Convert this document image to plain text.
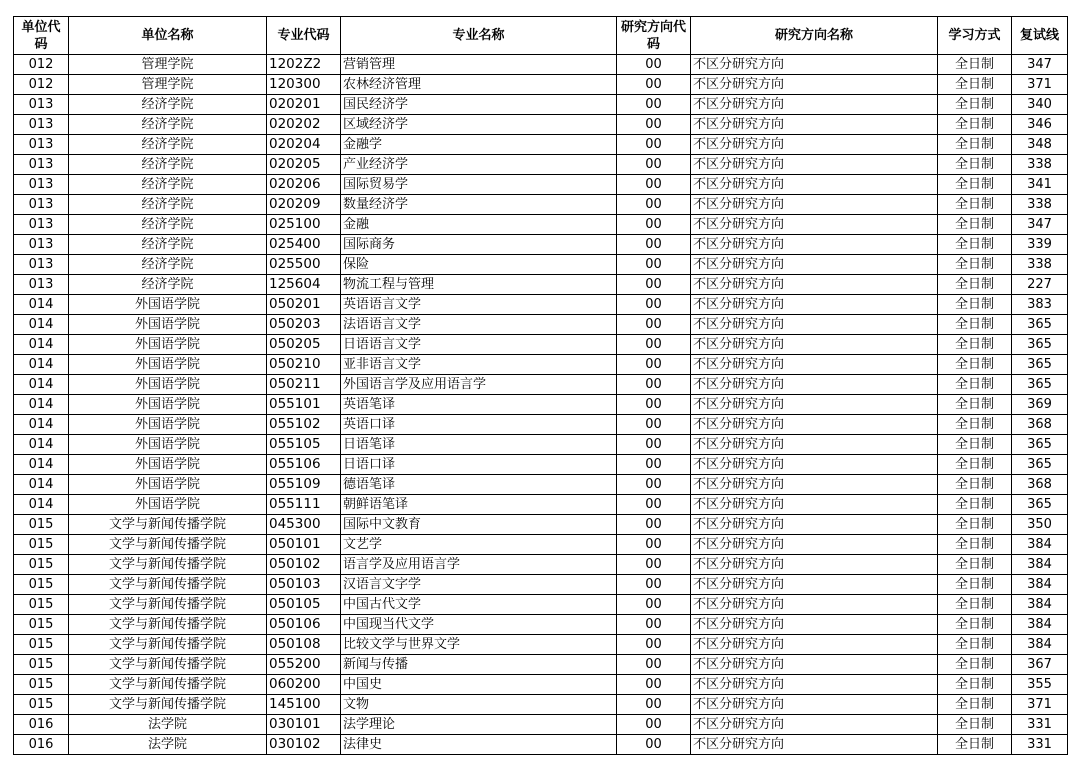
单位代码	单位名称	专业代码	专业名称	研究方向代码	研究方向名称	学习方式	复试线
012	管理学院	1202Z2	营销管理	00	不区分研究方向	全日制	347
012	管理学院	120300	农林经济管理	00	不区分研究方向	全日制	371
013	经济学院	020201	国民经济学	00	不区分研究方向	全日制	340
013	经济学院	020202	区域经济学	00	不区分研究方向	全日制	346
013	经济学院	020204	金融学	00	不区分研究方向	全日制	348
013	经济学院	020205	产业经济学	00	不区分研究方向	全日制	338
013	经济学院	020206	国际贸易学	00	不区分研究方向	全日制	341
013	经济学院	020209	数量经济学	00	不区分研究方向	全日制	338
013	经济学院	025100	金融	00	不区分研究方向	全日制	347
013	经济学院	025400	国际商务	00	不区分研究方向	全日制	339
013	经济学院	025500	保险	00	不区分研究方向	全日制	338
013	经济学院	125604	物流工程与管理	00	不区分研究方向	全日制	227
014	外国语学院	050201	英语语言文学	00	不区分研究方向	全日制	383
014	外国语学院	050203	法语语言文学	00	不区分研究方向	全日制	365
014	外国语学院	050205	日语语言文学	00	不区分研究方向	全日制	365
014	外国语学院	050210	亚非语言文学	00	不区分研究方向	全日制	365
014	外国语学院	050211	外国语言学及应用语言学	00	不区分研究方向	全日制	365
014	外国语学院	055101	英语笔译	00	不区分研究方向	全日制	369
014	外国语学院	055102	英语口译	00	不区分研究方向	全日制	368
014	外国语学院	055105	日语笔译	00	不区分研究方向	全日制	365
014	外国语学院	055106	日语口译	00	不区分研究方向	全日制	365
014	外国语学院	055109	德语笔译	00	不区分研究方向	全日制	368
014	外国语学院	055111	朝鲜语笔译	00	不区分研究方向	全日制	365
015	文学与新闻传播学院	045300	国际中文教育	00	不区分研究方向	全日制	350
015	文学与新闻传播学院	050101	文艺学	00	不区分研究方向	全日制	384
015	文学与新闻传播学院	050102	语言学及应用语言学	00	不区分研究方向	全日制	384
015	文学与新闻传播学院	050103	汉语言文字学	00	不区分研究方向	全日制	384
015	文学与新闻传播学院	050105	中国古代文学	00	不区分研究方向	全日制	384
015	文学与新闻传播学院	050106	中国现当代文学	00	不区分研究方向	全日制	384
015	文学与新闻传播学院	050108	比较文学与世界文学	00	不区分研究方向	全日制	384
015	文学与新闻传播学院	055200	新闻与传播	00	不区分研究方向	全日制	367
015	文学与新闻传播学院	060200	中国史	00	不区分研究方向	全日制	355
015	文学与新闻传播学院	145100	文物	00	不区分研究方向	全日制	371
016	法学院	030101	法学理论	00	不区分研究方向	全日制	331
016	法学院	030102	法律史	00	不区分研究方向	全日制	331
